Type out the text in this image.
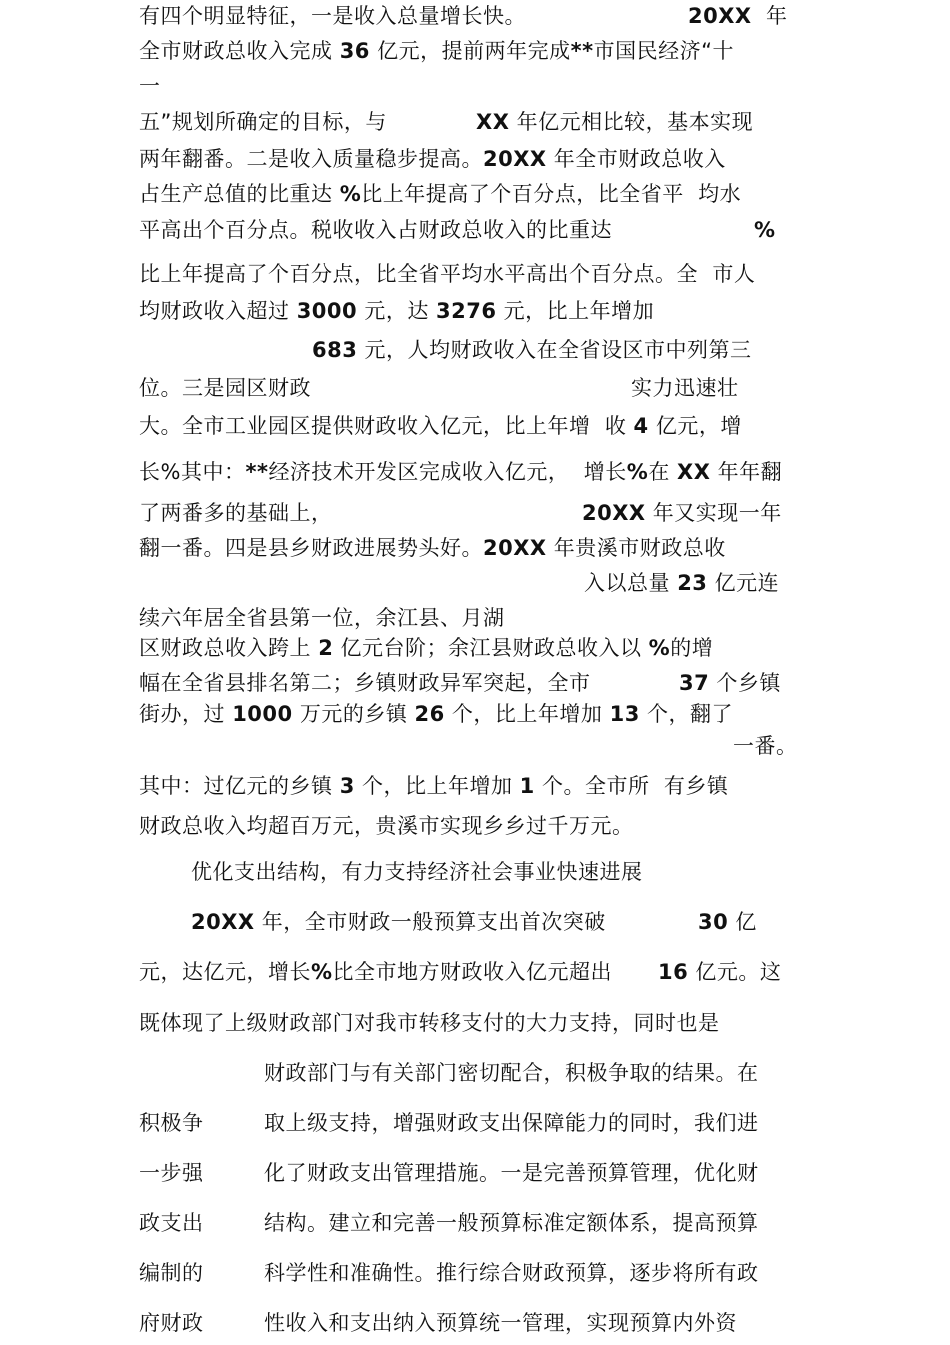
有四个明显特征，一是收入总量增长快。	20XX  年
全市财政总收入完成 36 亿元，提前两年完成**市国民经济“十
一
五”规划所确定的目标，与	XX 年亿元相比较，基本实现
两年翻番。二是收入质量稳步提高。20XX 年全市财政总收入
占生产总值的比重达 %比上年提高了个百分点，比全省平  均水
平高出个百分点。税收收入占财政总收入的比重达	%
比上年提高了个百分点，比全省平均水平高出个百分点。全  市人
均财政收入超过 3000 元，达 3276 元，比上年增加
683 元，人均财政收入在全省设区市中列第三
位。三是园区财政	实力迅速壮
大。全市工业园区提供财政收入亿元，比上年增  收 4 亿元，增
长%其中：**经济技术开发区完成收入亿元，  增长%在 XX 年年翻
了两番多的基础上，	20XX 年又实现一年
翻一番。四是县乡财政进展势头好。20XX 年贵溪市财政总收
入以总量 23 亿元连
续六年居全省县第一位，余江县、月湖
区财政总收入跨上 2 亿元台阶；余江县财政总收入以 %的增
幅在全省县排名第二；乡镇财政异军突起，全市	37 个乡镇
街办，过 1000 万元的乡镇 26 个，比上年增加 13 个，翻了
一番。
其中：过亿元的乡镇 3 个，比上年增加 1 个。全市所  有乡镇
财政总收入均超百万元，贵溪市实现乡乡过千万元。
优化支出结构，有力支持经济社会事业快速进展
20XX 年，全市财政一般预算支出首次突破	30 亿
元，达亿元，增长%比全市地方财政收入亿元超出 16 亿元。这
既体现了上级财政部门对我市转移支付的大力支持，同时也是
财政部门与有关部门密切配合，积极争取的结果。在
积极争	取上级支持，增强财政支出保障能力的同时，我们进
一步强	化了财政支出管理措施。一是完善预算管理，优化财
政支出	结构。建立和完善一般预算标准定额体系，提高预算
编制的	科学性和准确性。推行综合财政预算，逐步将所有政
府财政	性收入和支出纳入预算统一管理，实现预算内外资
